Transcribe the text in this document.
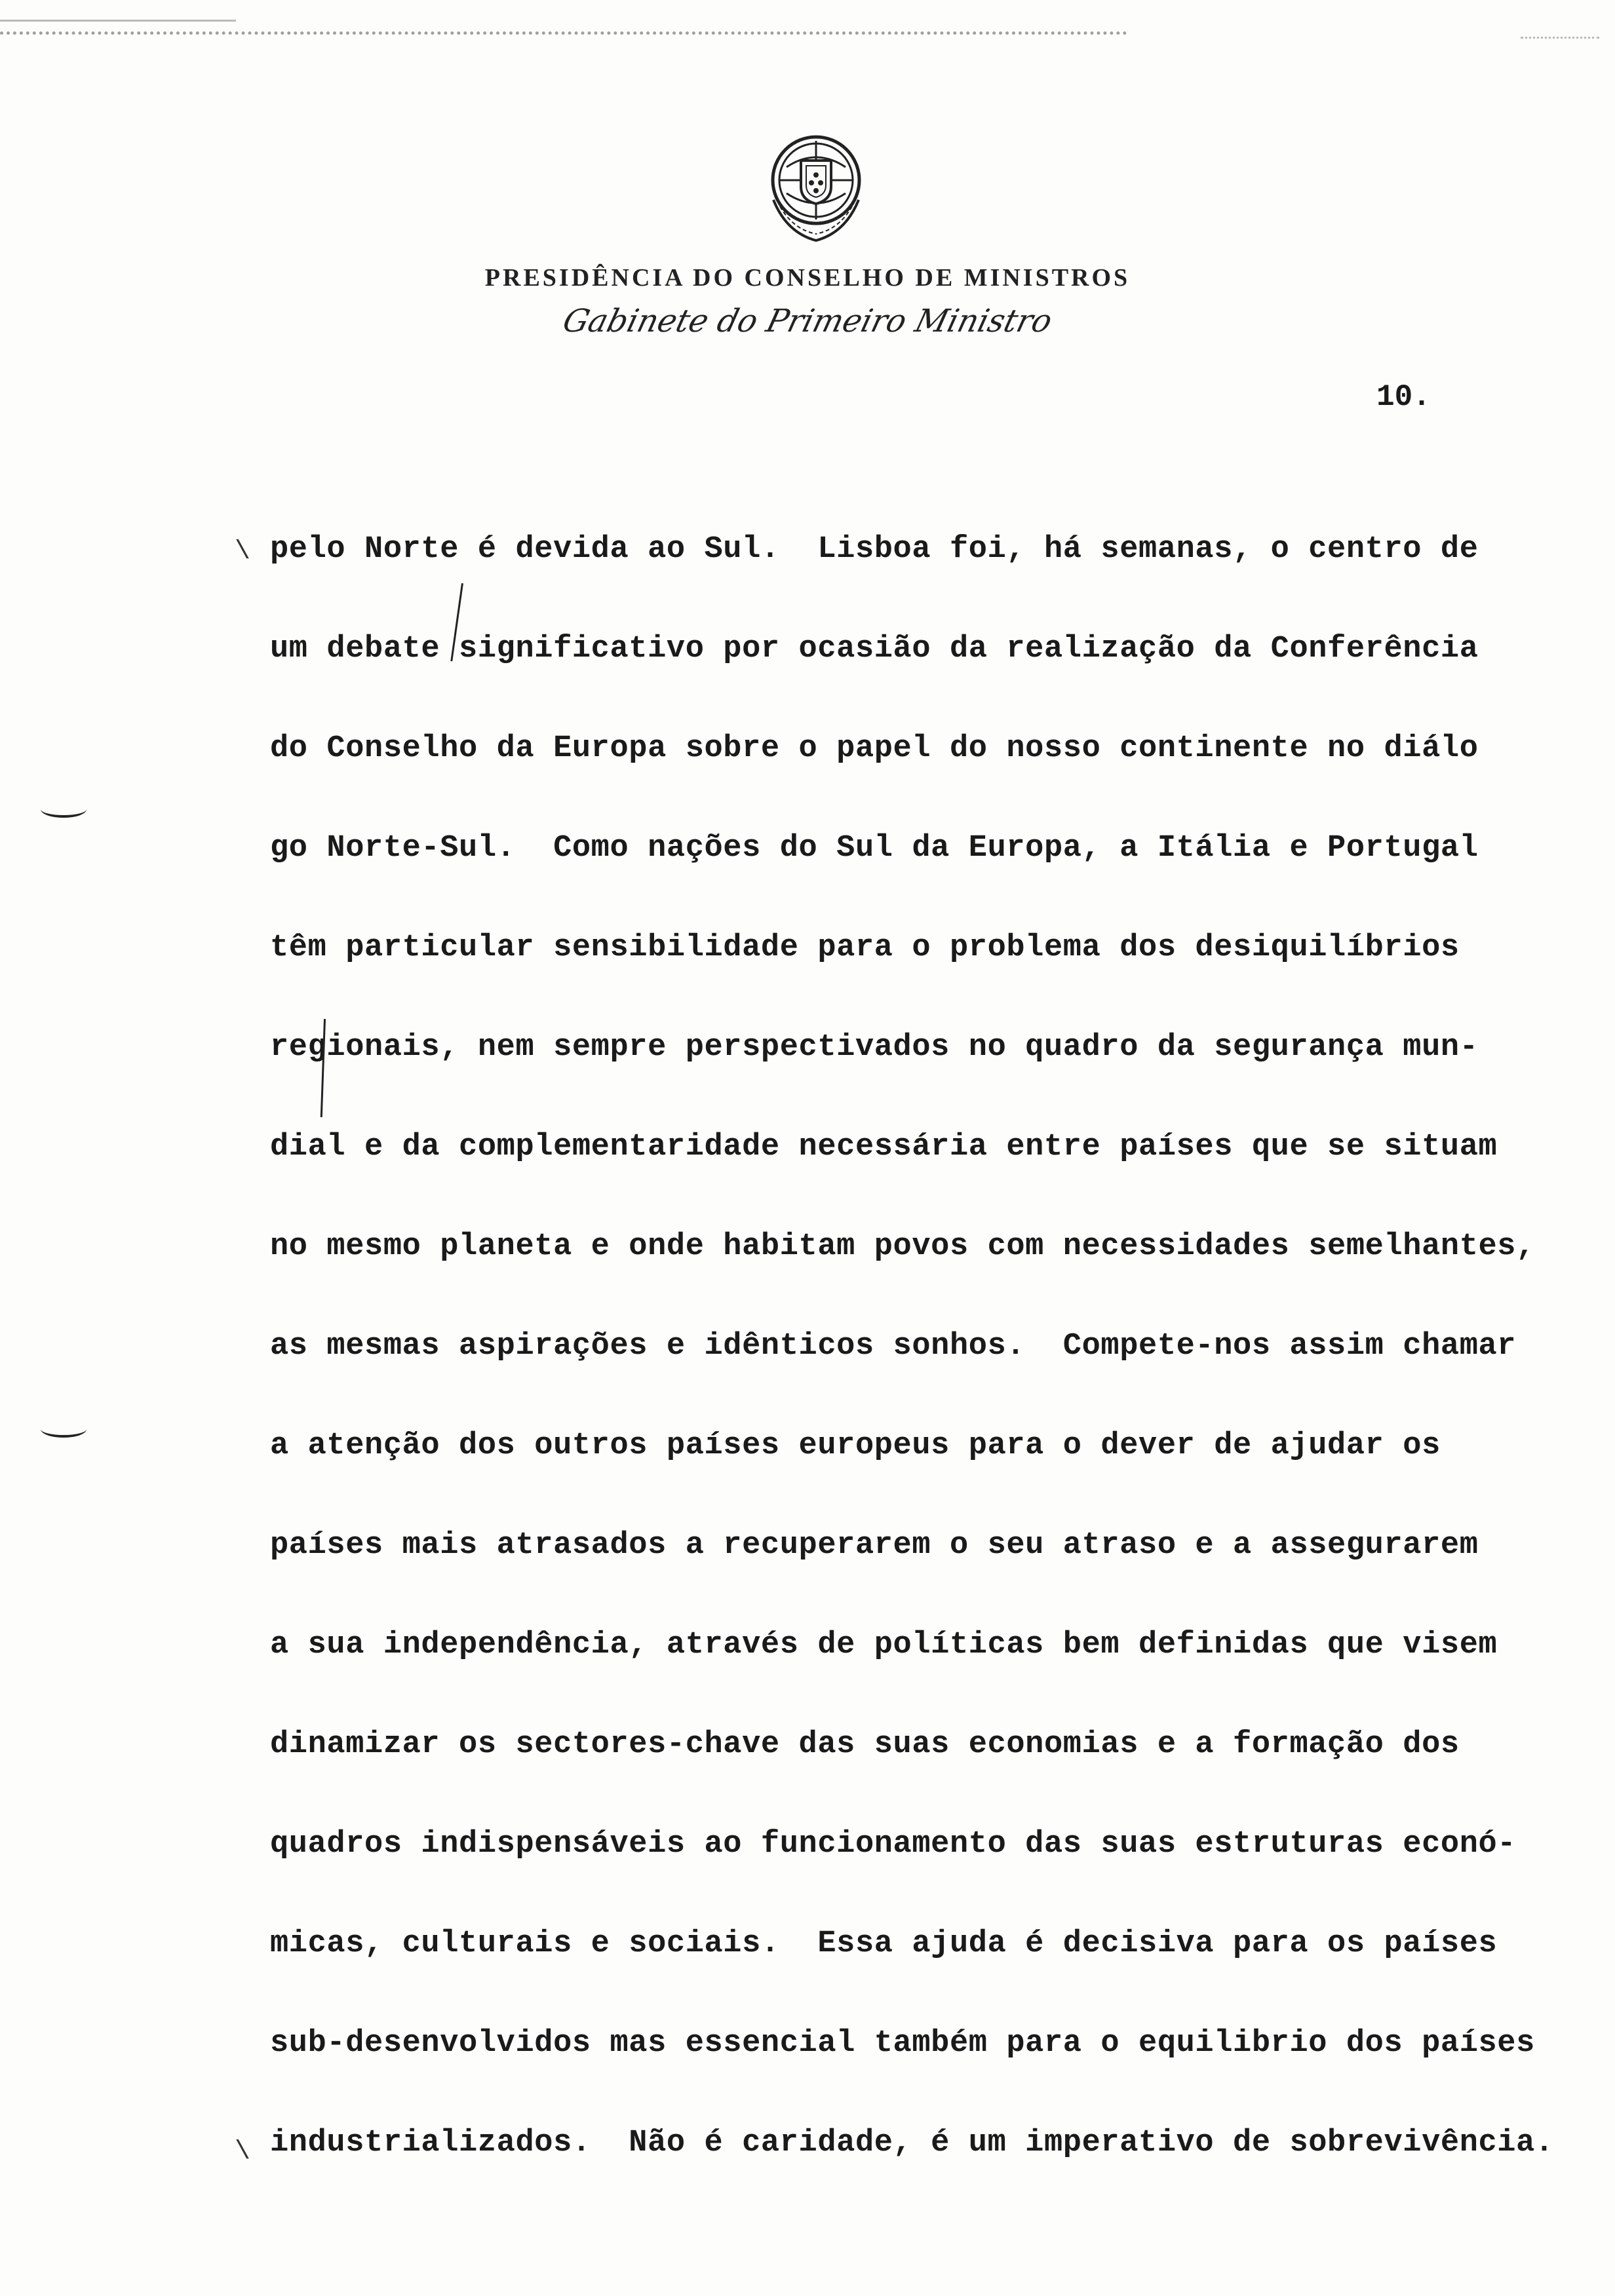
PRESIDÊNCIA DO CONSELHO DE MINISTROS
Gabinete do Primeiro Ministro
10.
pelo Norte é devida ao Sul.  Lisboa foi, há semanas, o centro de
um debate significativo por ocasião da realização da Conferência
do Conselho da Europa sobre o papel do nosso continente no diálo
go Norte-Sul.  Como nações do Sul da Europa, a Itália e Portugal
têm particular sensibilidade para o problema dos desiquilíbrios
regionais, nem sempre perspectivados no quadro da segurança mun-
dial e da complementaridade necessária entre países que se situam
no mesmo planeta e onde habitam povos com necessidades semelhantes,
as mesmas aspirações e idênticos sonhos.  Compete-nos assim chamar
a atenção dos outros países europeus para o dever de ajudar os
países mais atrasados a recuperarem o seu atraso e a assegurarem
a sua independência, através de políticas bem definidas que visem
dinamizar os sectores-chave das suas economias e a formação dos
quadros indispensáveis ao funcionamento das suas estruturas econó-
micas, culturais e sociais.  Essa ajuda é decisiva para os países
sub-desenvolvidos mas essencial também para o equilibrio dos países
industrializados.  Não é caridade, é um imperativo de sobrevivência.
\
\
